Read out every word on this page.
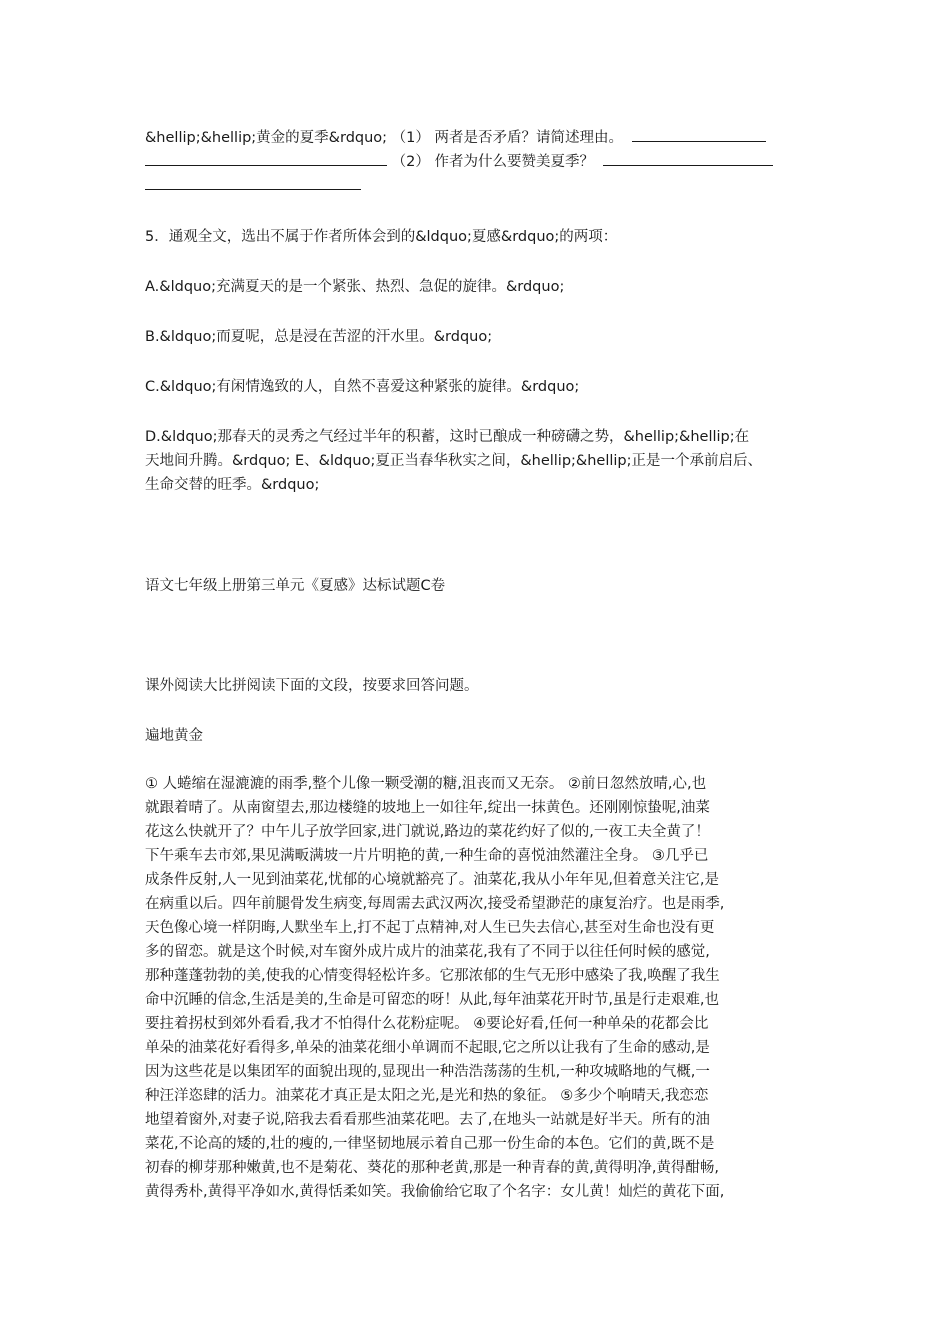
&hellip;&hellip;黄金的夏季&rdquo; （1） 两者是否矛盾？请简述理由。
（2） 作者为什么要赞美夏季？

5．通观全文，选出不属于作者所体会到的&ldquo;夏感&rdquo;的两项：

A.&ldquo;充满夏天的是一个紧张、热烈、急促的旋律。&rdquo;

B.&ldquo;而夏呢，总是浸在苦涩的汗水里。&rdquo;

C.&ldquo;有闲情逸致的人，自然不喜爱这种紧张的旋律。&rdquo;

D.&ldquo;那春天的灵秀之气经过半年的积蓄，这时已酿成一种磅礴之势，&hellip;&hellip;在
天地间升腾。&rdquo; E、&ldquo;夏正当春华秋实之间，&hellip;&hellip;正是一个承前启后、
生命交替的旺季。&rdquo;

语文七年级上册第三单元《夏感》达标试题C卷

课外阅读大比拼阅读下面的文段，按要求回答问题。

遍地黄金

① 人蜷缩在湿漉漉的雨季,整个儿像一颗受潮的糖,沮丧而又无奈。 ②前日忽然放晴,心,也
就跟着晴了。从南窗望去,那边楼缝的坡地上一如往年,绽出一抹黄色。还刚刚惊蛰呢,油菜
花这么快就开了？中午儿子放学回家,进门就说,路边的菜花约好了似的,一夜工夫全黄了！
下午乘车去市郊,果见满畈满坡一片片明艳的黄,一种生命的喜悦油然灌注全身。 ③几乎已
成条件反射,人一见到油菜花,忧郁的心境就豁亮了。油菜花,我从小年年见,但着意关注它,是
在病重以后。四年前腿骨发生病变,每周需去武汉两次,接受希望渺茫的康复治疗。也是雨季,
天色像心境一样阴晦,人默坐车上,打不起丁点精神,对人生已失去信心,甚至对生命也没有更
多的留恋。就是这个时候,对车窗外成片成片的油菜花,我有了不同于以往任何时候的感觉,
那种蓬蓬勃勃的美,使我的心情变得轻松许多。它那浓郁的生气无形中感染了我,唤醒了我生
命中沉睡的信念,生活是美的,生命是可留恋的呀！从此,每年油菜花开时节,虽是行走艰难,也
要拄着拐杖到郊外看看,我才不怕得什么花粉症呢。 ④要论好看,任何一种单朵的花都会比
单朵的油菜花好看得多,单朵的油菜花细小单调而不起眼,它之所以让我有了生命的感动,是
因为这些花是以集团军的面貌出现的,显现出一种浩浩荡荡的生机,一种攻城略地的气概,一
种汪洋恣肆的活力。油菜花才真正是太阳之光,是光和热的象征。 ⑤多少个响晴天,我恋恋
地望着窗外,对妻子说,陪我去看看那些油菜花吧。去了,在地头一站就是好半天。所有的油
菜花,不论高的矮的,壮的瘦的,一律坚韧地展示着自己那一份生命的本色。它们的黄,既不是
初春的柳芽那种嫩黄,也不是菊花、葵花的那种老黄,那是一种青春的黄,黄得明净,黄得酣畅,
黄得秀朴,黄得平净如水,黄得恬柔如笑。我偷偷给它取了个名字：女儿黄！灿烂的黄花下面,
